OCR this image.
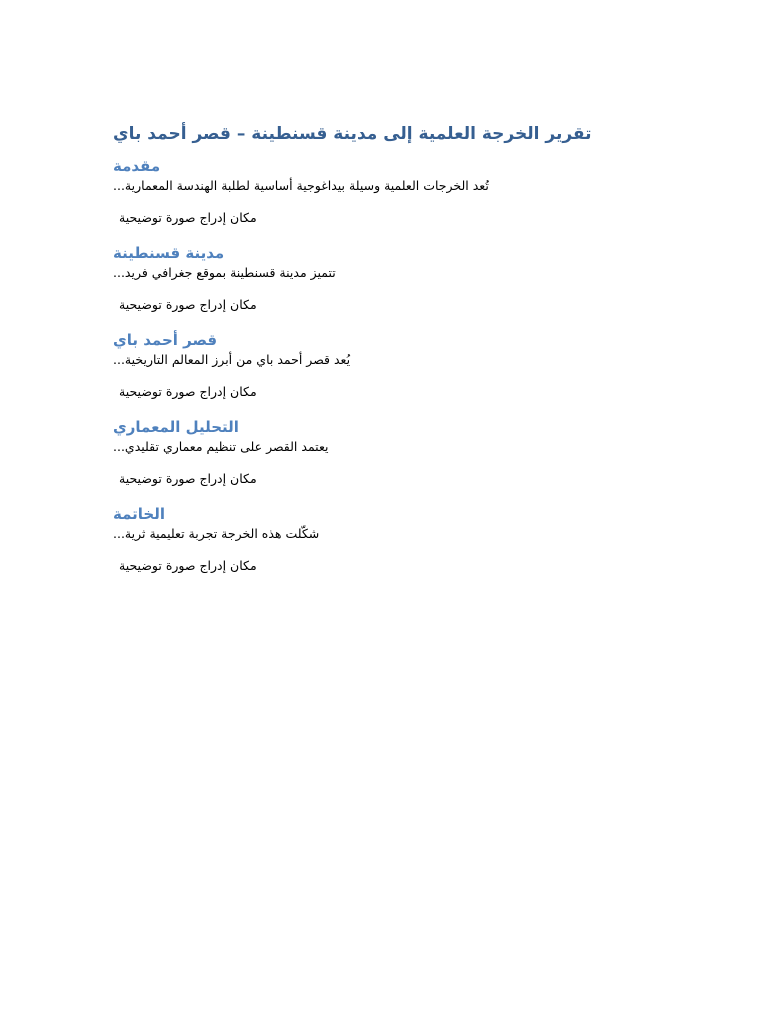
تقرير الخرجة العلمية إلى مدينة قسنطينة – قصر أحمد باي
مقدمة

تُعد الخرجات العلمية وسيلة بيداغوجية أساسية لطلبة الهندسة المعمارية...

مكان إدراج صورة توضيحية
مدينة قسنطينة

تتميز مدينة قسنطينة بموقع جغرافي فريد...

مكان إدراج صورة توضيحية
قصر أحمد باي

يُعد قصر أحمد باي من أبرز المعالم التاريخية...

مكان إدراج صورة توضيحية
التحليل المعماري

يعتمد القصر على تنظيم معماري تقليدي...

مكان إدراج صورة توضيحية
الخاتمة

شكّلت هذه الخرجة تجربة تعليمية ثرية...

مكان إدراج صورة توضيحية
